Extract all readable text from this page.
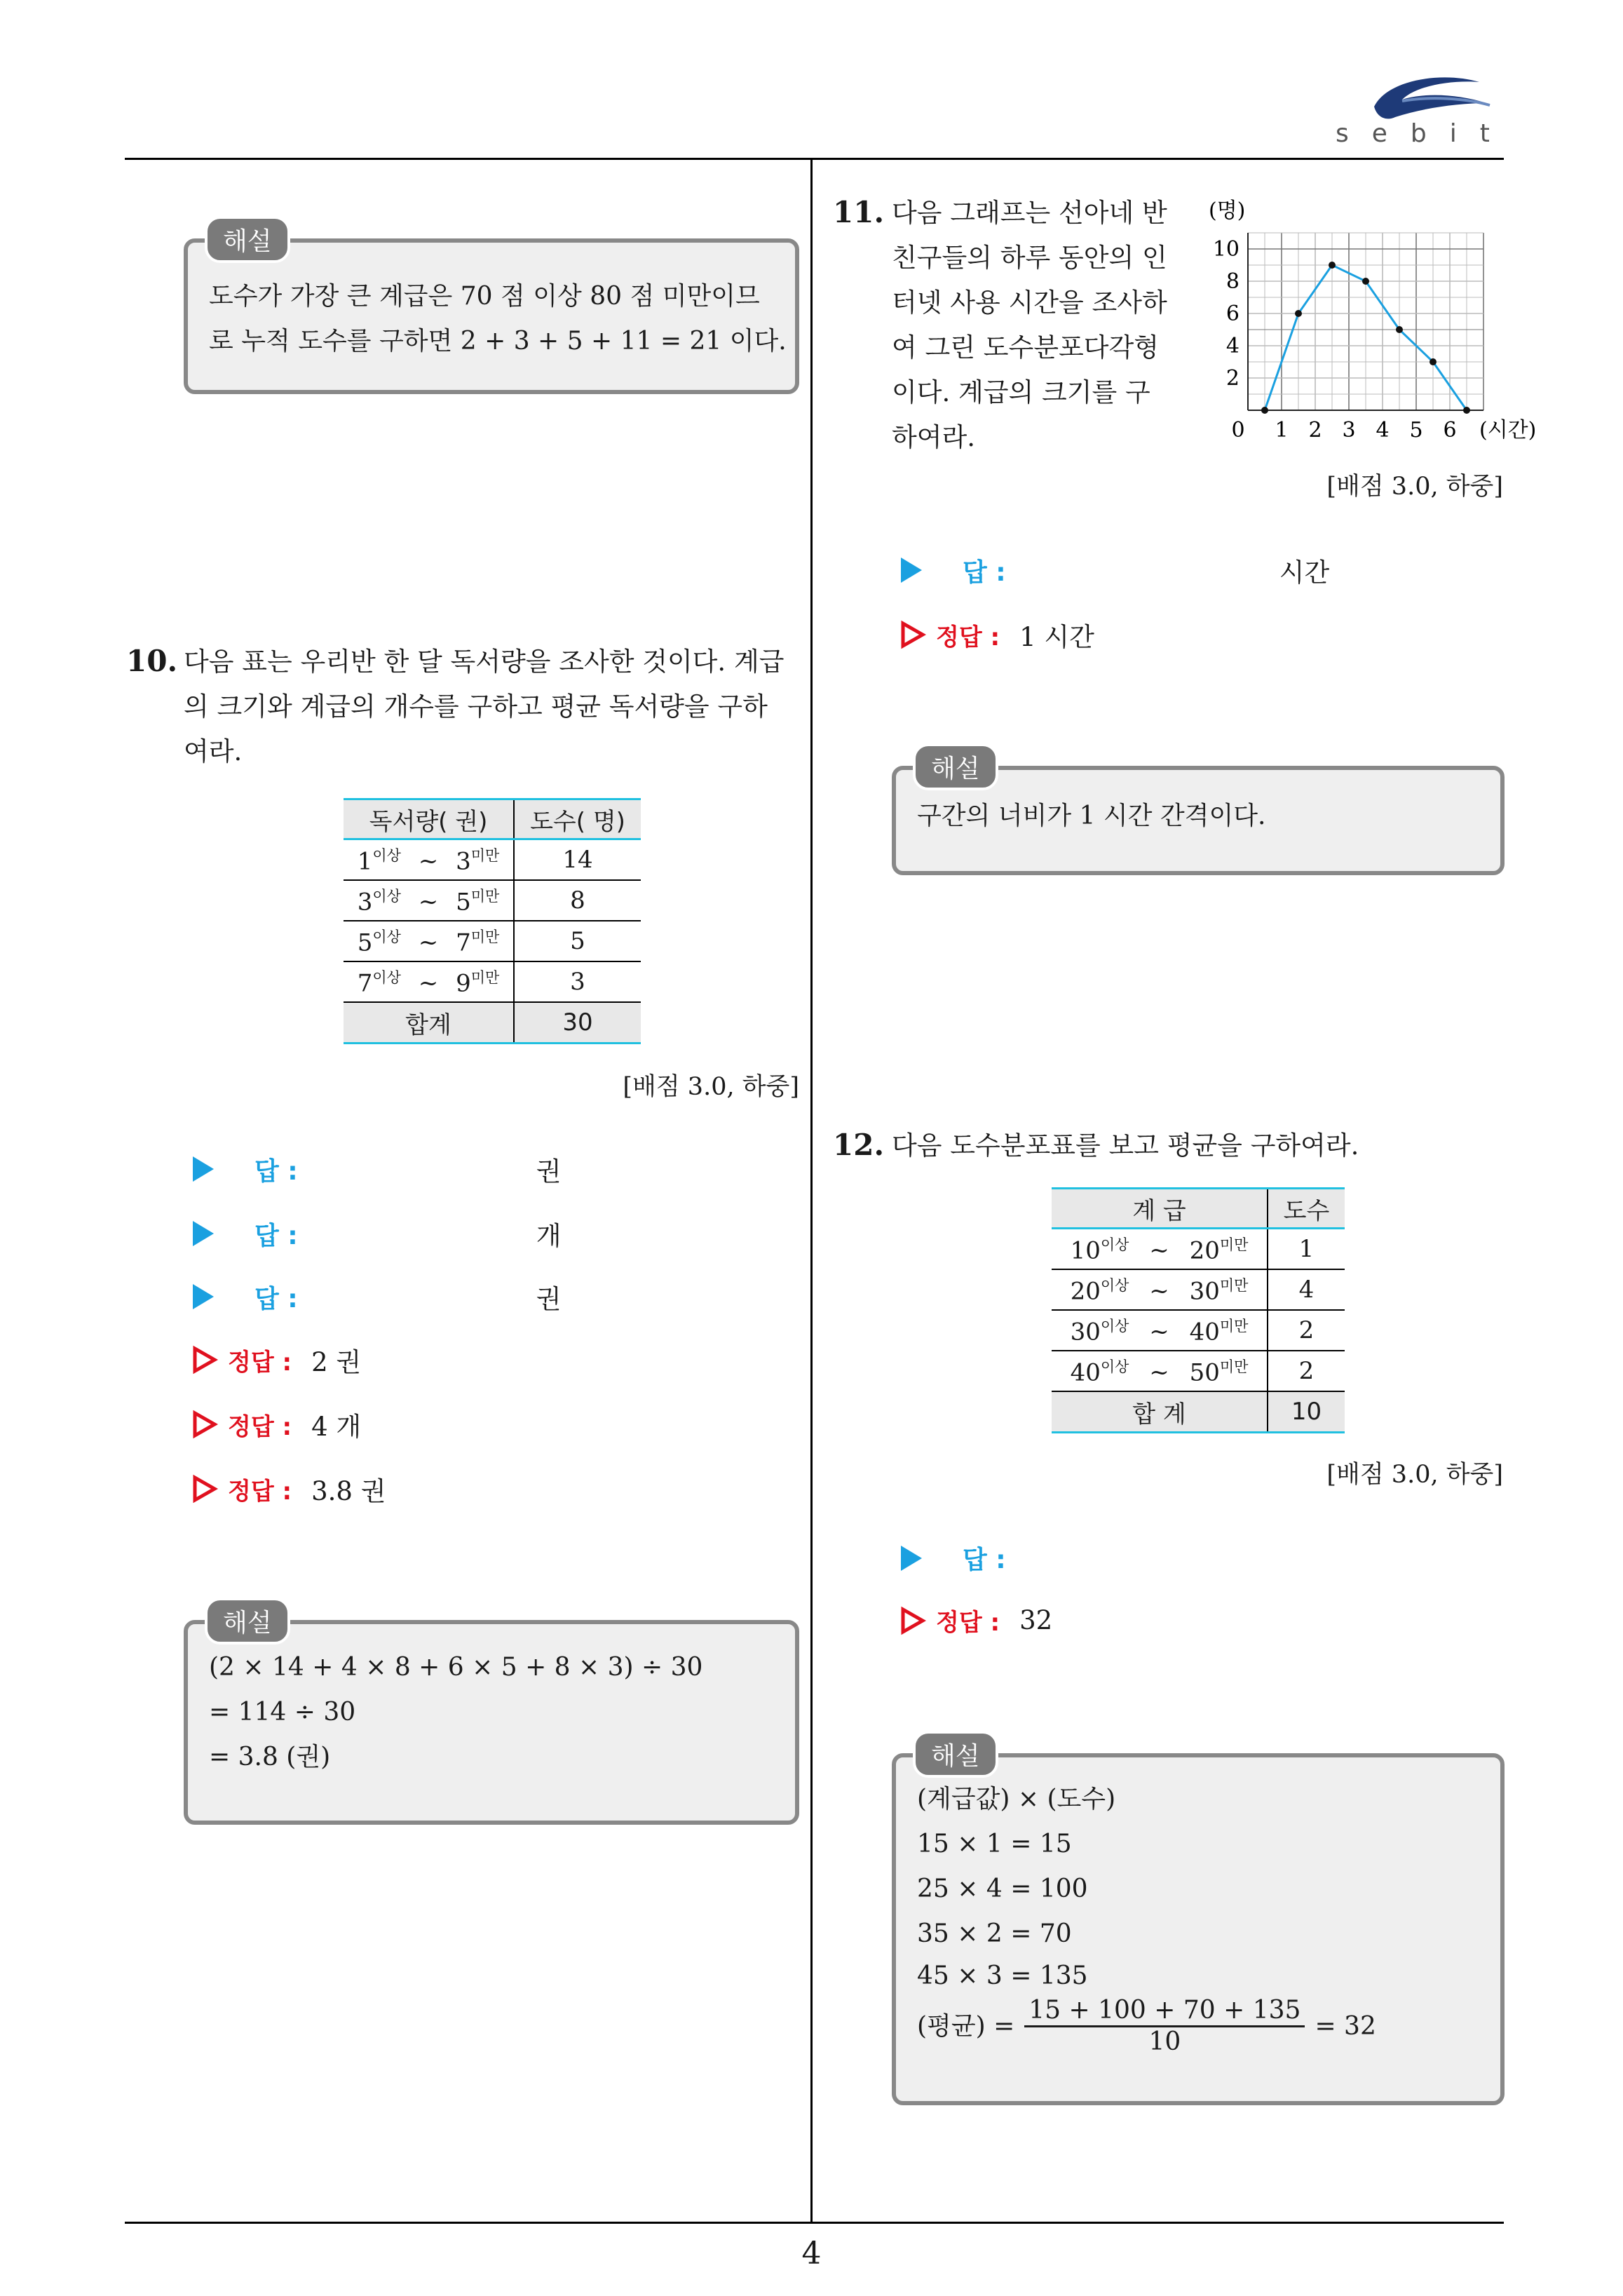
sebit
도수가 가장 큰 계급은 70 점 이상 80 점 미만이므
로 누적 도수를 구하면 2 + 3 + 5 + 11 = 21 이다.
해설
10. 다음 표는 우리반 한 달 독서량을 조사한 것이다. 계급
의 크기와 계급의 개수를 구하고 평균 독서량을 구하
여라.
독서량( 권)	도수( 명)
$1^{이상}$ ~ $3^{미만}$	14
$3^{이상}$ ~ $5^{미만}$	8
$5^{이상}$ ~ $7^{미만}$	5
$7^{이상}$ ~ $9^{미만}$	3
합계	30
[배점 3.0, 하중]
답 :	권
답 :	개
답 :	권
정답 : 2 권
정답 : 4 개
정답 : 3.8 권
(2 × 14 + 4 × 8 + 6 × 5 + 8 × 3) ÷ 30
= 114 ÷ 30
= 3.8 (권)
해설
11. 다음 그래프는 선아네 반
친구들의 하루 동안의 인
터넷 사용 시간을 조사하
여 그린 도수분포다각형
이다. 계급의 크기를 구
하여라.	0 1 2 3 4 5 6
2
4
6
8
10
(명)
(시간)
[배점 3.0, 하중]
답 :	시간
정답 : 1 시간
구간의 너비가 1 시간 간격이다.
해설
12. 다음 도수분포표를 보고 평균을 구하여라.
계 급	도수
$10^{이상}$ ~ $20^{미만}$	1
$20^{이상}$ ~ $30^{미만}$	4
$30^{이상}$ ~ $40^{미만}$	2
$40^{이상}$ ~ $50^{미만}$	2
합 계	10
[배점 3.0, 하중]
답 :
정답 : 32
(계급값) × (도수)
15 × 1 = 15
25 × 4 = 100
35 × 2 = 70
45 × 3 = 135
(평균) = $\frac{15 + 100 + 70 + 135}{10} = 32$
해설
4
